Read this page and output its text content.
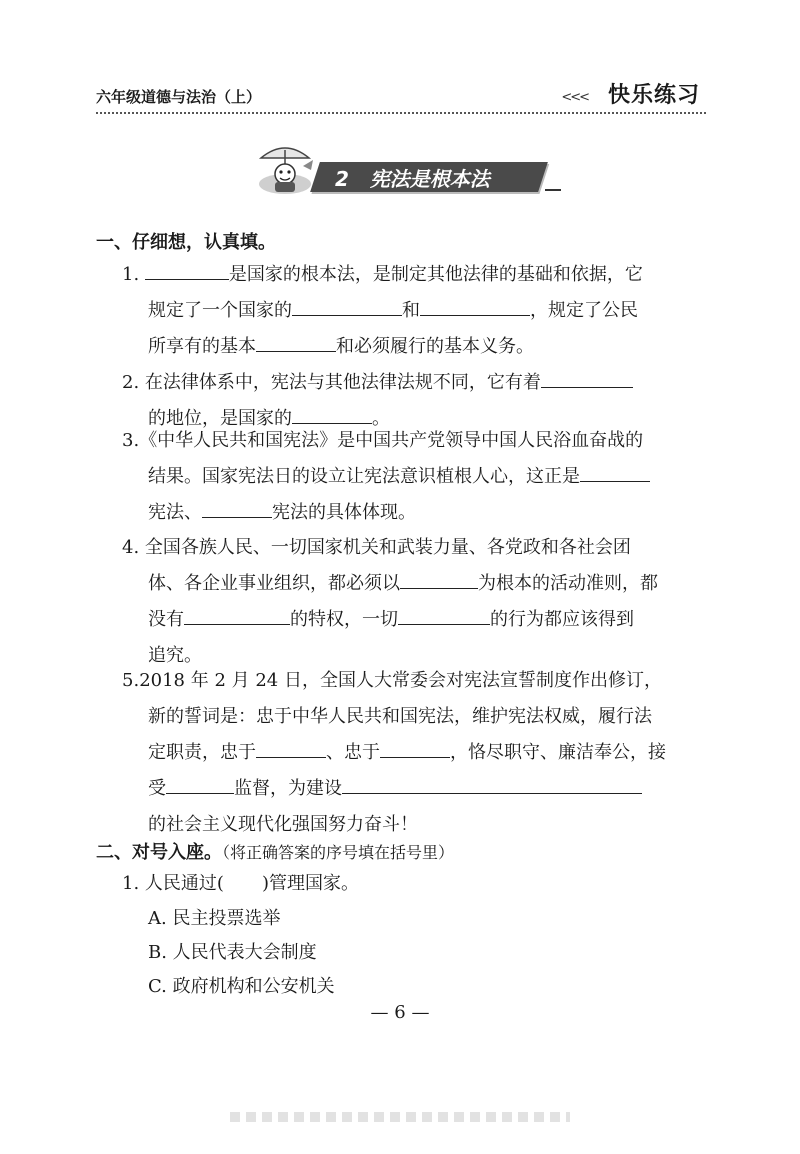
六年级道德与法治（上）	<<< 快乐练习
2 宪法是根本法
一、仔细想，认真填。
1.	是国家的根本法，是制定其他法律的基础和依据，它
规定了一个国家的	和	，规定了公民
所享有的基本	和必须履行的基本义务。
2. 在法律体系中，宪法与其他法律法规不同，它有着
的地位，是国家的	。
3.《中华人民共和国宪法》是中国共产党领导中国人民浴血奋战的
结果。国家宪法日的设立让宪法意识植根人心，这正是
宪法、	宪法的具体体现。
4. 全国各族人民、一切国家机关和武装力量、各党政和各社会团
体、各企业事业组织，都必须以	为根本的活动准则，都
没有	的特权，一切	的行为都应该得到
追究。
5.2018 年 2 月 24 日，全国人大常委会对宪法宣誓制度作出修订，
新的誓词是：忠于中华人民共和国宪法，维护宪法权威，履行法
定职责，忠于	、忠于	，恪尽职守、廉洁奉公，接
受	监督，为建设
的社会主义现代化强国努力奋斗！
二、对号入座。（将正确答案的序号填在括号里）
1. 人民通过( )管理国家。
A. 民主投票选举
B. 人民代表大会制度
C. 政府机构和公安机关
— 6 —
